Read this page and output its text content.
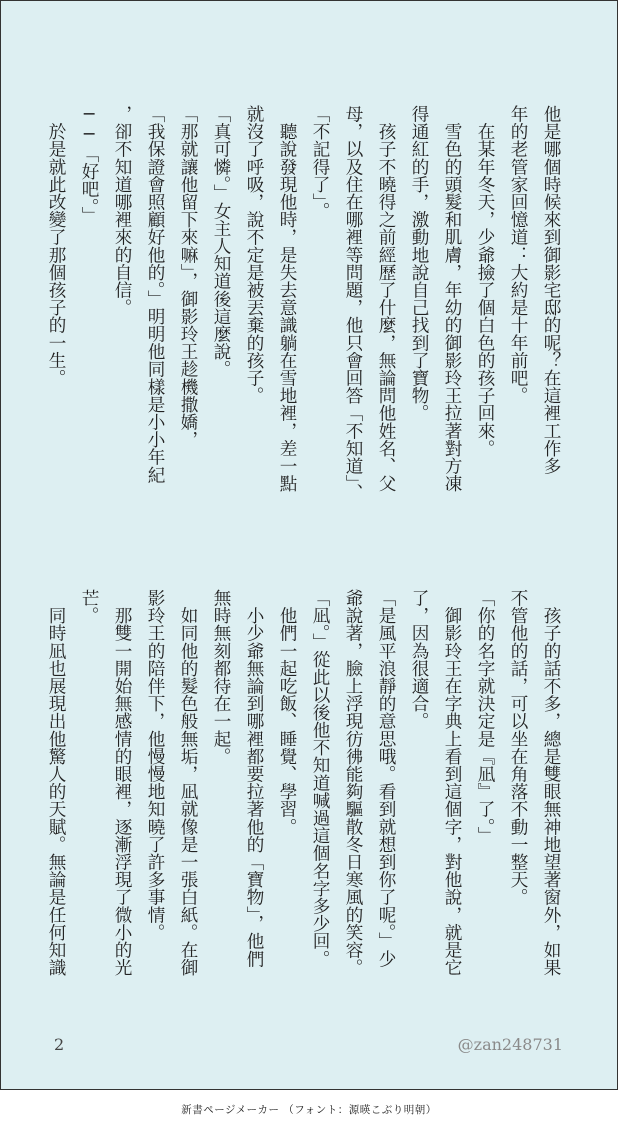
他是哪個時候來到御影宅邸的呢？在這裡工作多
年的老管家回憶道：大約是十年前吧。
　在某年冬天，少爺撿了個白色的孩子回來。
　雪色的頭髮和肌膚，年幼的御影玲王拉著對方凍
得通紅的手，激動地說自己找到了寶物。
　孩子不曉得之前經歷了什麼，無論問他姓名、父
母，以及住在哪裡等問題，他只會回答「不知道」、
「不記得了」。
　聽說發現他時，是失去意識躺在雪地裡，差一點
就沒了呼吸，說不定是被丟棄的孩子。
「真可憐。」女主人知道後這麼說。
「那就讓他留下來嘛」，御影玲王趁機撒嬌，
「我保證會照顧好他的。」明明他同樣是小小年紀
，卻不知道哪裡來的自信。
──「好吧。」
　於是就此改變了那個孩子的一生。
　孩子的話不多，總是雙眼無神地望著窗外，如果
不管他的話，可以坐在角落不動一整天。
「你的名字就決定是『凪』了。」
　御影玲王在字典上看到這個字，對他說，就是它
了，因為很適合。
「是風平浪靜的意思哦。看到就想到你了呢。」少
爺說著，臉上浮現彷彿能夠驅散冬日寒風的笑容。
「凪。」從此以後他不知道喊過這個名字多少回。
　他們一起吃飯、睡覺、學習。
　小少爺無論到哪裡都要拉著他的「寶物」，他們
無時無刻都待在一起。
　如同他的髮色般無垢，凪就像是一張白紙。在御
影玲王的陪伴下，他慢慢地知曉了許多事情。
　那雙一開始無感情的眼裡，逐漸浮現了微小的光
芒。
　同時凪也展現出他驚人的天賦。無論是任何知識
2	@zan248731
新書ページメーカー （フォント：源暎こぶり明朝）
